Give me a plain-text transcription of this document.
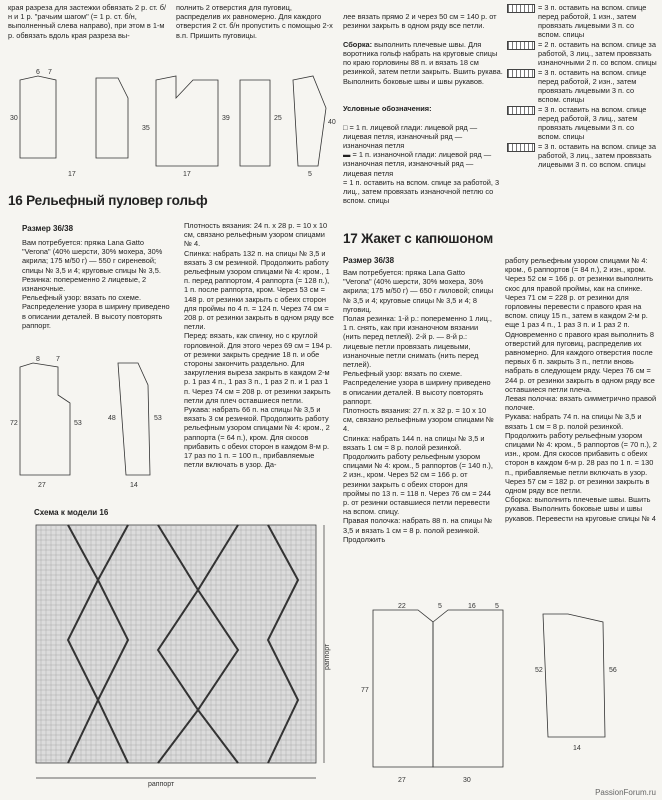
края разреза для застежки обвязать 2 р. ст. б/н и 1 р. "рачьим шагом" (= 1 р. ст. б/н, выполненный слева направо), при этом в 1-м р. обвязать вдоль края разреза вы-
полнить 2 отверстия для пуговиц, распределив их равномерно. Для каждого отверстия 2 ст. б/н пропустить с помощью 2-х в.п. Пришить пуговицы.

лее вязать прямо 2 и через 50 см = 140 р. от резинки закрыть в одном ряду все петли.

Сборка: выполнить плечевые швы. Для воротника гольф набрать на круговые спицы по краю горловины 88 п. и вязать 18 см резинкой, затем петли закрыть. Вшить рукава. Выполнить боковые швы и швы рукавов.

Условные обозначения:

□ = 1 п. лицевой глади: лицевой ряд — лицевая петля, изнаночный ряд — изнаночная петля
▬ = 1 п. изнаночной глади: лицевой ряд — изнаночная петля, изнаночный ряд — лицевая петля
= 1 п. оставить на вспом. спице за работой, 3 лиц., затем провязать изнаночной петлю со вспом. спицы

= 3 п. оставить на вспом. спице перед работой, 1 изн., затем провязать лицевыми 3 п. со вспом. спицы
= 2 п. оставить на вспом. спице за работой, 3 лиц., затем провязать изнаночными 2 п. со вспом. спицы
= 3 п. оставить на вспом. спице перед работой, 2 изн., затем провязать лицевыми 3 п. со вспом. спицы
= 3 п. оставить на вспом. спице перед работой, 3 лиц., затем провязать лицевыми 3 п. со вспом. спицы
= 3 п. оставить на вспом. спице за работой, 3 лиц., затем провязать лицевыми 3 п. со вспом. спицы
6 7
30
35
39	25
40
17	17	5
16 Рельефный пуловер гольф
Размер 36/38
Вам потребуется: пряжа Lana Gatto "Verona" (40% шерсти, 30% мохера, 30% акрила; 175 м/50 г) — 550 г сиреневой; спицы № 3,5 и 4; круговые спицы № 3,5.
Резинка: попеременно 2 лицевые, 2 изнаночные.
Рельефный узор: вязать по схеме. Распределение узора в ширину приведено в описании деталей. В высоту повторять раппорт.
Плотность вязания: 24 п. х 28 р. = 10 х 10 см, связано рельефным узором спицами № 4.
Спинка: набрать 132 п. на спицы № 3,5 и вязать 3 см резинкой. Продолжить работу рельефным узором спицами № 4: кром., 1 п. перед раппортом, 4 раппорта (= 128 п.), 1 п. после раппорта, кром. Через 53 см = 148 р. от резинки закрыть с обеих сторон для проймы по 4 п. = 124 п. Через 74 см = 208 р. от резинки закрыть в одном ряду все петли.
Перед: вязать, как спинку, но с круглой горловиной. Для этого через 69 см = 194 р. от резинки закрыть средние 18 п. и обе стороны закончить раздельно. Для закругления выреза закрыть в каждом 2-м р. 1 раз 4 п., 1 раз 3 п., 1 раз 2 п. и 1 раз 1 п. Через 74 см = 208 р. от резинки закрыть петли для плеч оставшиеся петли.
Рукава: набрать 66 п. на спицы № 3,5 и вязать 3 см резинкой. Продолжить работу рельефным узором спицами № 4: кром., 2 раппорта (= 64 п.), кром. Для скосов прибавить с обеих сторон в каждом 8-м р. 17 раз по 1 п. = 100 п., прибавляемые петли включать в узор. Да-
8 7
72	53
48	53
27	14
Схема к модели 16
раппорт
раппорт
17 Жакет с капюшоном
Размер 36/38
Вам потребуется: пряжа Lana Gatto "Verona" (40% шерсти, 30% мохера, 30% акрила; 175 м/50 г) — 650 г лиловой; спицы № 3,5 и 4; круговые спицы № 3,5 и 4; 8 пуговиц.
Полая резинка: 1-й р.: попеременно 1 лиц., 1 п. снять, как при изнаночном вязании (нить перед петлей). 2-й р. — 8-й р.: лицевые петли провязать лицевыми, изнаночные петли снимать (нить перед петлей).
Рельефный узор: вязать по схеме. Распределение узора в ширину приведено в описании деталей. В высоту повторять раппорт.
Плотность вязания: 27 п. х 32 р. = 10 х 10 см, связано рельефным узором спицами № 4.
Спинка: набрать 144 п. на спицы № 3,5 и вязать 1 см = 8 р. полой резинкой. Продолжить работу рельефным узором спицами № 4: кром., 5 раппортов (= 140 п.), 2 изн., кром. Через 52 см = 166 р. от резинки закрыть с обеих сторон для проймы по 13 п. = 118 п. Через 76 см = 244 р. от резинки оставшиеся петли перевести на вспом. спицу.
Правая полочка: набрать 88 п. на спицы № 3,5 и вязать 1 см = 8 р. полой резинкой. Продолжить
работу рельефным узором спицами № 4: кром., 6 раппортов (= 84 п.), 2 изн., кром. Через 52 см = 166 р. от резинки выполнить скос для правой проймы, как на спинке. Через 71 см = 228 р. от резинки для горловины перевести с правого края на вспом. спицу 15 п., затем в каждом 2-м р. еще 1 раз 4 п., 1 раз 3 п. и 1 раз 2 п. Одновременно с правого края выполнить 8 отверстий для пуговиц, распределив их равномерно. Для каждого отверстия после первых 6 п. закрыть 3 п., петли вновь набрать в следующем ряду. Через 76 см = 244 р. от резинки закрыть в одном ряду все оставшиеся петли плеча.
Левая полочка: вязать симметрично правой полочке.
Рукава: набрать 74 п. на спицы № 3,5 и вязать 1 см = 8 р. полой резинкой. Продолжить работу рельефным узором спицами № 4: кром., 5 раппортов (= 70 п.), 2 изн., кром. Для скосов прибавить с обеих сторон в каждом 6-м р. 28 раз по 1 п. = 130 п., прибавляемые петли включать в узор. Через 57 см = 182 р. от резинки закрыть в одном ряду все петли.
Сборка: выполнить плечевые швы. Вшить рукава. Выполнить боковые швы и швы рукавов. Перевести на круговые спицы № 4
22	5	16	5
77
52	56
27	30
14
PassionForum.ru
